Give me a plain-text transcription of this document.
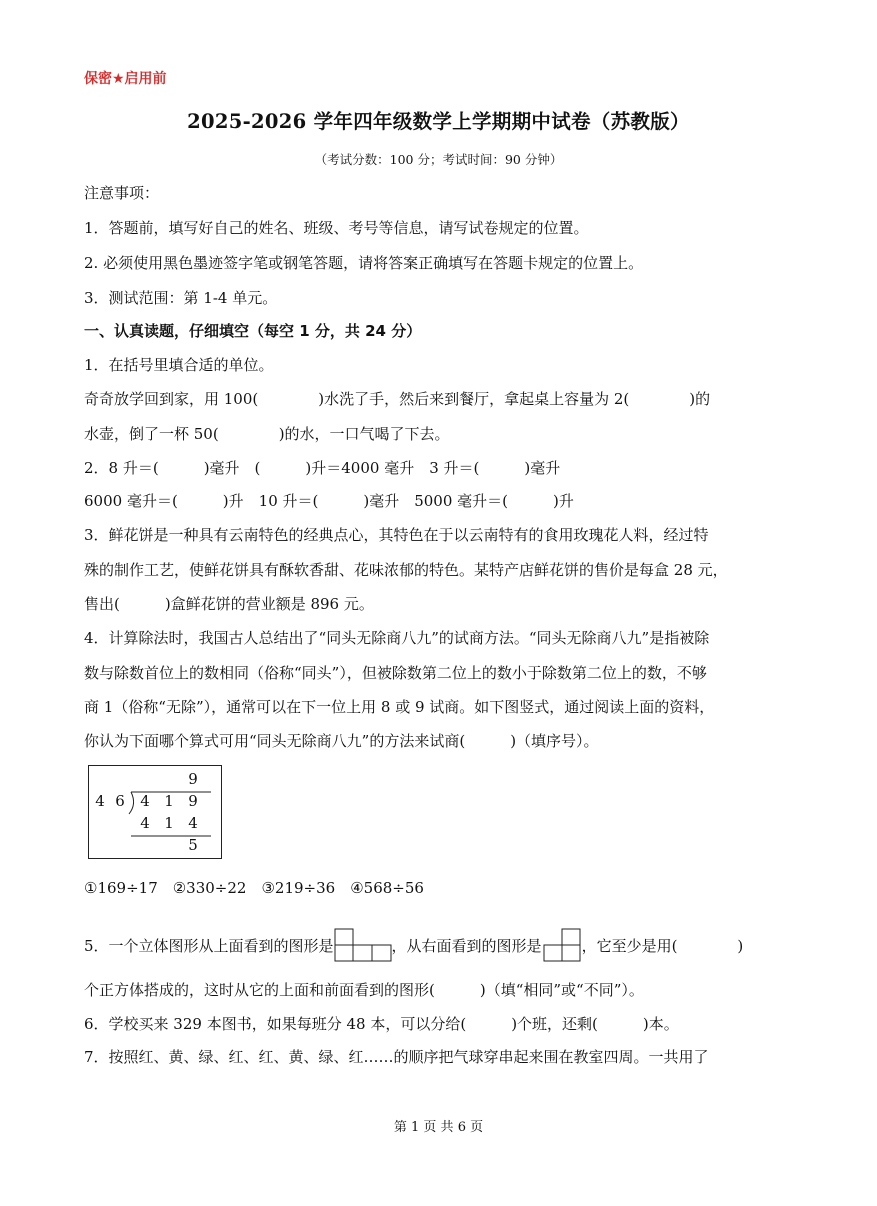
保密★启用前
2025-2026 学年四年级数学上学期期中试卷（苏教版）
（考试分数：100 分；考试时间：90 分钟）
注意事项：
1．答题前，填写好自己的姓名、班级、考号等信息，请写试卷规定的位置。
2. 必须使用黑色墨迹签字笔或钢笔答题，请将答案正确填写在答题卡规定的位置上。
3．测试范围：第 1-4 单元。
一、认真读题，仔细填空（每空 1 分，共 24 分）
1．在括号里填合适的单位。
奇奇放学回到家，用 100(　　　　)水洗了手，然后来到餐厅，拿起桌上容量为 2(　　　　)的
水壶，倒了一杯 50(　　　　)的水，一口气喝了下去。
2．8 升＝(　　　)毫升　(　　　)升＝4000 毫升　3 升＝(　　　)毫升
6000 毫升＝(　　　)升　10 升＝(　　　)毫升　5000 毫升＝(　　　)升
3．鲜花饼是一种具有云南特色的经典点心，其特色在于以云南特有的食用玫瑰花人料，经过特
殊的制作工艺，使鲜花饼具有酥软香甜、花味浓郁的特色。某特产店鲜花饼的售价是每盒 28 元，
售出(　　　)盒鲜花饼的营业额是 896 元。
4．计算除法时，我国古人总结出了“同头无除商八九”的试商方法。“同头无除商八九”是指被除
数与除数首位上的数相同（俗称“同头”），但被除数第二位上的数小于除数第二位上的数，不够
商 1（俗称“无除”），通常可以在下一位上用 8 或 9 试商。如下图竖式，通过阅读上面的资料，
你认为下面哪个算式可用“同头无除商八九”的方法来试商(　　　)（填序号）。
9
4 6 4 1 9
4 1 4
5
①169÷17　②330÷22　③219÷36　④568÷56
5．一个立体图形从上面看到的图形是	，从右面看到的图形是	，它至少是用(　　　　)
个正方体搭成的，这时从它的上面和前面看到的图形(　　　)（填“相同”或“不同”）。
6．学校买来 329 本图书，如果每班分 48 本，可以分给(　　　)个班，还剩(　　　)本。
7．按照红、黄、绿、红、红、黄、绿、红……的顺序把气球穿串起来围在教室四周。一共用了
第 1 页 共 6 页
